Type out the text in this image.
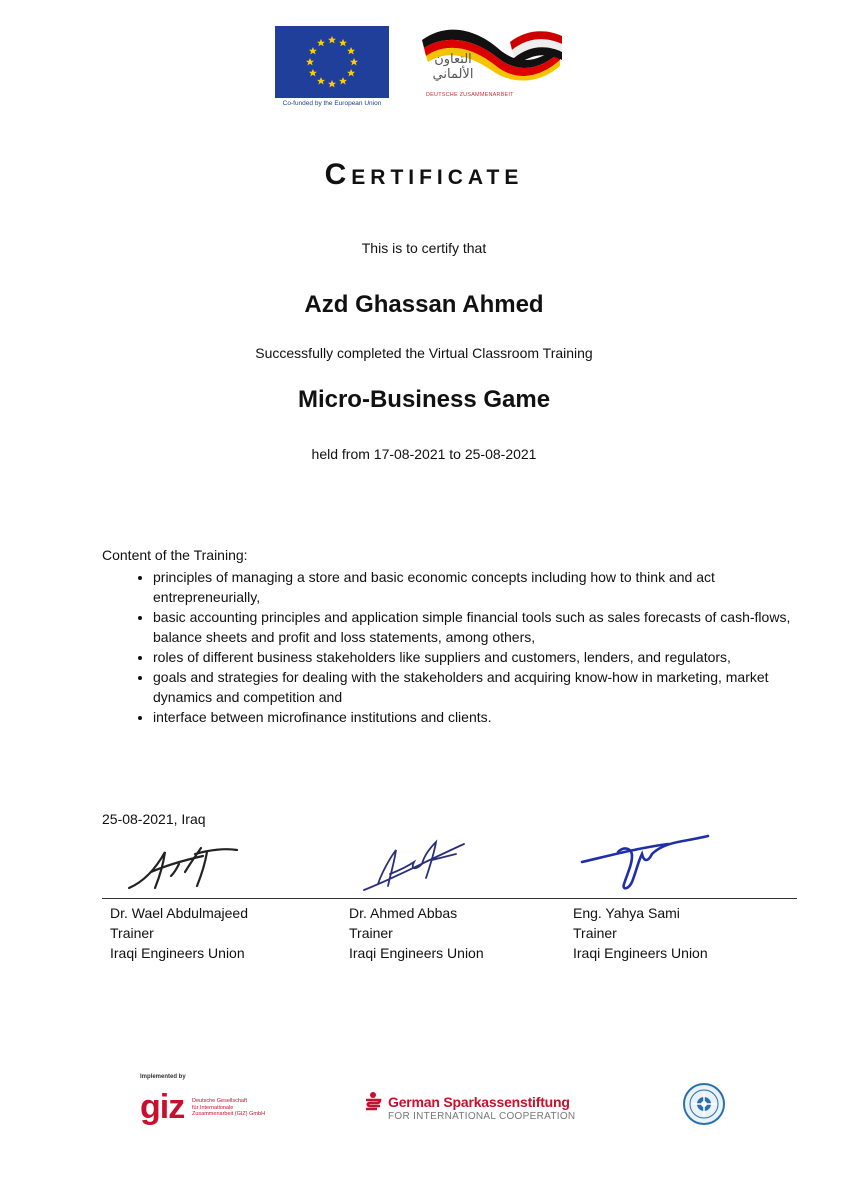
Co-funded by the European Union
التعاون
الألماني
DEUTSCHE ZUSAMMENARBEIT
Certificate
This is to certify that
Azd Ghassan Ahmed
Successfully completed the Virtual Classroom Training
Micro-Business Game
held from 17-08-2021 to 25-08-2021
Content of the Training:
• principles of managing a store and basic economic concepts including how to think and act entrepreneurially,
• basic accounting principles and application simple financial tools such as sales forecasts of cash-flows, balance sheets and profit and loss statements, among others,
• roles of different business stakeholders like suppliers and customers, lenders, and regulators,
• goals and strategies for dealing with the stakeholders and acquiring know-how in marketing, market dynamics and competition and
• interface between microfinance institutions and clients.
25-08-2021, Iraq
Dr. Wael Abdulmajeed
Trainer
Iraqi Engineers Union
Dr. Ahmed Abbas
Trainer
Iraqi Engineers Union
Eng. Yahya Sami
Trainer
Iraqi Engineers Union
Implemented by
giz Deutsche Gesellschaft
für Internationale
Zusammenarbeit (GIZ) GmbH
German Sparkassenstiftung
FOR INTERNATIONAL COOPERATION
